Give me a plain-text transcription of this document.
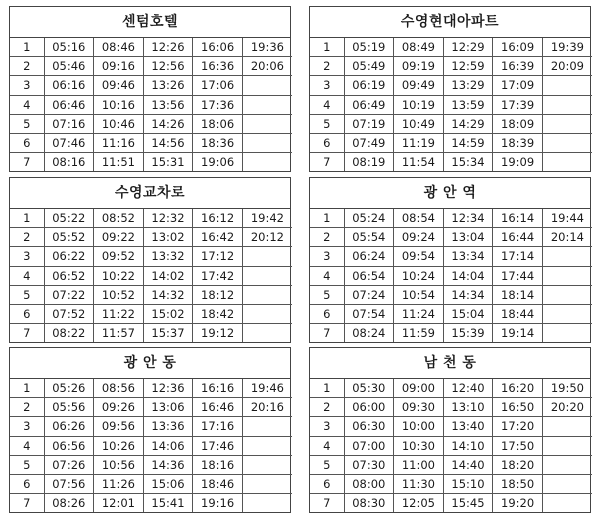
센텀호텔
1	05:16	08:46	12:26	16:06	19:36
2	05:46	09:16	12:56	16:36	20:06
3	06:16	09:46	13:26	17:06	
4	06:46	10:16	13:56	17:36	
5	07:16	10:46	14:26	18:06	
6	07:46	11:16	14:56	18:36	
7	08:16	11:51	15:31	19:06	
수영현대아파트
1	05:19	08:49	12:29	16:09	19:39
2	05:49	09:19	12:59	16:39	20:09
3	06:19	09:49	13:29	17:09	
4	06:49	10:19	13:59	17:39	
5	07:19	10:49	14:29	18:09	
6	07:49	11:19	14:59	18:39	
7	08:19	11:54	15:34	19:09	
수영교차로
1	05:22	08:52	12:32	16:12	19:42
2	05:52	09:22	13:02	16:42	20:12
3	06:22	09:52	13:32	17:12	
4	06:52	10:22	14:02	17:42	
5	07:22	10:52	14:32	18:12	
6	07:52	11:22	15:02	18:42	
7	08:22	11:57	15:37	19:12	
광 안 역
1	05:24	08:54	12:34	16:14	19:44
2	05:54	09:24	13:04	16:44	20:14
3	06:24	09:54	13:34	17:14	
4	06:54	10:24	14:04	17:44	
5	07:24	10:54	14:34	18:14	
6	07:54	11:24	15:04	18:44	
7	08:24	11:59	15:39	19:14	
광 안 동
1	05:26	08:56	12:36	16:16	19:46
2	05:56	09:26	13:06	16:46	20:16
3	06:26	09:56	13:36	17:16	
4	06:56	10:26	14:06	17:46	
5	07:26	10:56	14:36	18:16	
6	07:56	11:26	15:06	18:46	
7	08:26	12:01	15:41	19:16	
남 천 동
1	05:30	09:00	12:40	16:20	19:50
2	06:00	09:30	13:10	16:50	20:20
3	06:30	10:00	13:40	17:20	
4	07:00	10:30	14:10	17:50	
5	07:30	11:00	14:40	18:20	
6	08:00	11:30	15:10	18:50	
7	08:30	12:05	15:45	19:20	
